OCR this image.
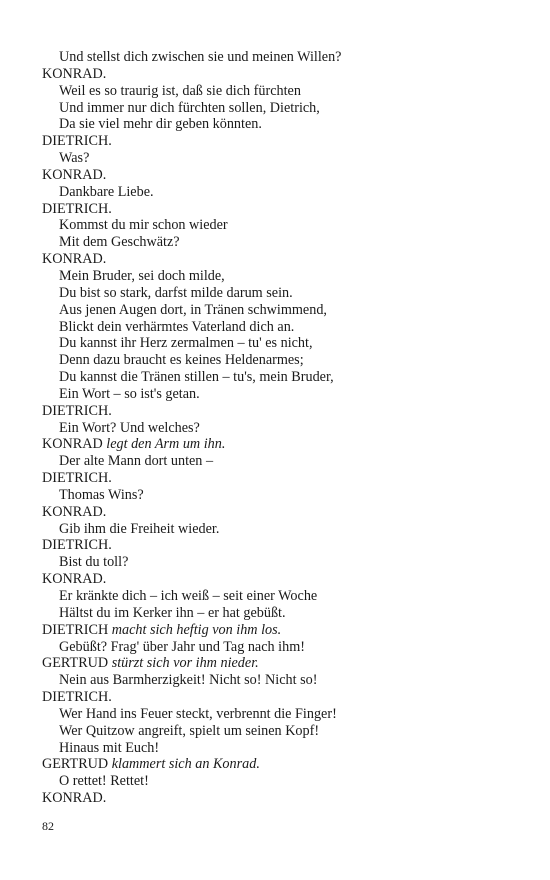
Und stellst dich zwischen sie und meinen Willen?
KONRAD.
Weil es so traurig ist, daß sie dich fürchten
Und immer nur dich fürchten sollen, Dietrich,
Da sie viel mehr dir geben könnten.
DIETRICH.
Was?
KONRAD.
Dankbare Liebe.
DIETRICH.
Kommst du mir schon wieder
Mit dem Geschwätz?
KONRAD.
Mein Bruder, sei doch milde,
Du bist so stark, darfst milde darum sein.
Aus jenen Augen dort, in Tränen schwimmend,
Blickt dein verhärmtes Vaterland dich an.
Du kannst ihr Herz zermalmen – tu' es nicht,
Denn dazu braucht es keines Heldenarmes;
Du kannst die Tränen stillen – tu's, mein Bruder,
Ein Wort – so ist's getan.
DIETRICH.
Ein Wort? Und welches?
KONRAD legt den Arm um ihn.
Der alte Mann dort unten –
DIETRICH.
Thomas Wins?
KONRAD.
Gib ihm die Freiheit wieder.
DIETRICH.
Bist du toll?
KONRAD.
Er kränkte dich – ich weiß – seit einer Woche
Hältst du im Kerker ihn – er hat gebüßt.
DIETRICH macht sich heftig von ihm los.
Gebüßt? Frag' über Jahr und Tag nach ihm!
GERTRUD stürzt sich vor ihm nieder.
Nein aus Barmherzigkeit! Nicht so! Nicht so!
DIETRICH.
Wer Hand ins Feuer steckt, verbrennt die Finger!
Wer Quitzow angreift, spielt um seinen Kopf!
Hinaus mit Euch!
GERTRUD klammert sich an Konrad.
O rettet! Rettet!
KONRAD.
82
